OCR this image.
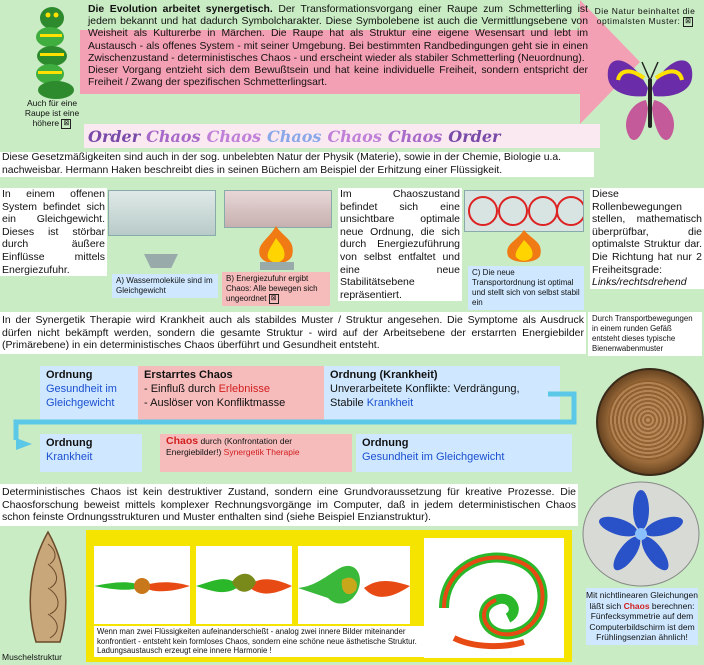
Auch für eine Raupe ist eine höhere ⊠
Die Evolution arbeitet synergetisch. Der Transformationsvorgang einer Raupe zum Schmetterling ist jedem bekannt und hat dadurch Symbolcharakter. Diese Symbolebene ist auch die Vermittlungsebene von Weisheit als Kulturerbe in Märchen. Die Raupe hat als Struktur eine eigene Wesensart und lebt im Austausch - als offenes System - mit seiner Umgebung. Bei bestimmten Randbedingungen geht sie in einen Zwischenzustand - deterministisches Chaos - und erscheint wieder als stabiler Schmetterling (Neuordnung).
Dieser Vorgang entzieht sich dem Bewußtsein und hat keine individuelle Freiheit, sondern entspricht der Freiheit / Zwang der spezifischen Schmetterlingsart.
Die Natur beinhaltet die optimalsten Muster: ⊠
Order Chaos Chaos Chaos Chaos Chaos Order
Diese Gesetzmäßigkeiten sind auch in der sog. unbelebten Natur der Physik (Materie), sowie in der Chemie, Biologie u.a. nachweisbar. Hermann Haken beschreibt dies in seinen Büchern am Beispiel der Erhitzung einer Flüssigkeit.
In einem offenen System befindet sich ein Gleichgewicht. Dieses ist störbar durch äußere Einflüsse mittels Energiezufuhr.
A) Wassermoleküle sind im Gleichgewicht
B) Energiezufuhr ergibt Chaos: Alle bewegen sich ungeordnet ⊠
Im Chaoszustand befindet sich eine unsichtbare optimale neue Ordnung, die sich durch Energiezuführung von selbst entfaltet und eine neue Stabilitätsebene repräsentiert.
C) Die neue Transportordnung ist optimal und stellt sich von selbst stabil ein
Diese Rollenbewegungen stellen, mathematisch überprüfbar, die optimalste Struktur dar. Die Richtung hat nur 2 Freiheitsgrade: Links/rechtsdrehend
In der Synergetik Therapie wird Krankheit auch als stabildes Muster / Struktur angesehen. Die Symptome als Ausdruck dürfen nicht bekämpft werden, sondern die gesamte Struktur - wird auf der Arbeitsebene der erstarrten Energiebilder (Primärebene) in ein deterministisches Chaos überführt und Gesundheit entsteht.
Durch Transportbewegungen in einem runden Gefäß entsteht dieses typische Bienenwabenmuster
Ordnung
Gesundheit im Gleichgewicht
Erstarrtes Chaos
- Einfluß durch Erlebnisse
- Auslöser von Konfliktmasse
Ordnung (Krankheit)
Unverarbeitete Konflikte: Verdrängung, Stabile Krankheit
Ordnung
Krankheit
Chaos durch (Konfrontation der Energiebilder!) Synergetik Therapie
Ordnung
Gesundheit im Gleichgewicht
Deterministisches Chaos ist kein destruktiver Zustand, sondern eine Grundvoraussetzung für kreative Prozesse. Die Chaosforschung beweist mittels komplexer Rechnungsvorgänge im Computer, daß in jedem deterministischen Chaos schon feinste Ordnungsstrukturen und Muster enthalten sind (siehe Beispiel Enzianstruktur).
Mit nichtlinearen Gleichungen läßt sich Chaos berechnen: Fünfecksymmetrie auf dem Computerbildschirm ist dem Frühlingsenzian ähnlich!
Muschelstruktur
Wenn man zwei Flüssigkeiten aufeinanderschießt - analog zwei innere Bilder miteinander konfrontiert - entsteht kein formloses Chaos, sondern eine schöne neue ästhetische Struktur. Ladungsaustausch erzeugt eine innere Harmonie !
